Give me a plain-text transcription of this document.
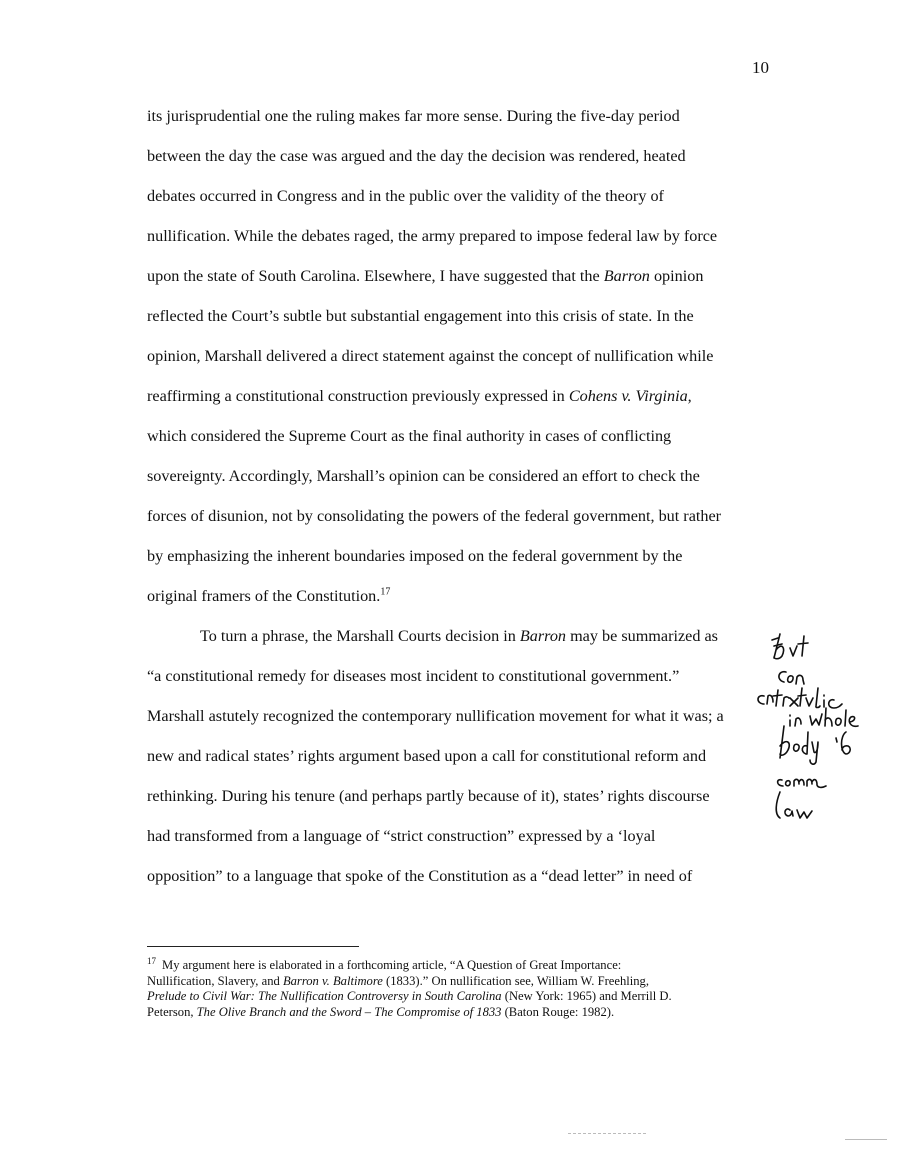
10
its jurisprudential one the ruling makes far more sense. During the five-day period
between the day the case was argued and the day the decision was rendered, heated
debates occurred in Congress and in the public over the validity of the theory of
nullification. While the debates raged, the army prepared to impose federal law by force
upon the state of South Carolina. Elsewhere, I have suggested that the Barron opinion
reflected the Court’s subtle but substantial engagement into this crisis of state. In the
opinion, Marshall delivered a direct statement against the concept of nullification while
reaffirming a constitutional construction previously expressed in Cohens v. Virginia,
which considered the Supreme Court as the final authority in cases of conflicting
sovereignty. Accordingly, Marshall’s opinion can be considered an effort to check the
forces of disunion, not by consolidating the powers of the federal government, but rather
by emphasizing the inherent boundaries imposed on the federal government by the
original framers of the Constitution.$^{17}$
To turn a phrase, the Marshall Courts decision in Barron may be summarized as
“a constitutional remedy for diseases most incident to constitutional government.”
Marshall astutely recognized the contemporary nullification movement for what it was; a
new and radical states’ rights argument based upon a call for constitutional reform and
rethinking. During his tenure (and perhaps partly because of it), states’ rights discourse
had transformed from a language of “strict construction” expressed by a ‘loyal
opposition” to a language that spoke of the Constitution as a “dead letter” in need of
$^{17}$ My argument here is elaborated in a forthcoming article, “A Question of Great Importance:
Nullification, Slavery, and Barron v. Baltimore (1833).” On nullification see, William W. Freehling,
Prelude to Civil War: The Nullification Controversy in South Carolina (New York: 1965) and Merrill D.
Peterson, The Olive Branch and the Sword – The Compromise of 1833 (Baton Rouge: 1982).
